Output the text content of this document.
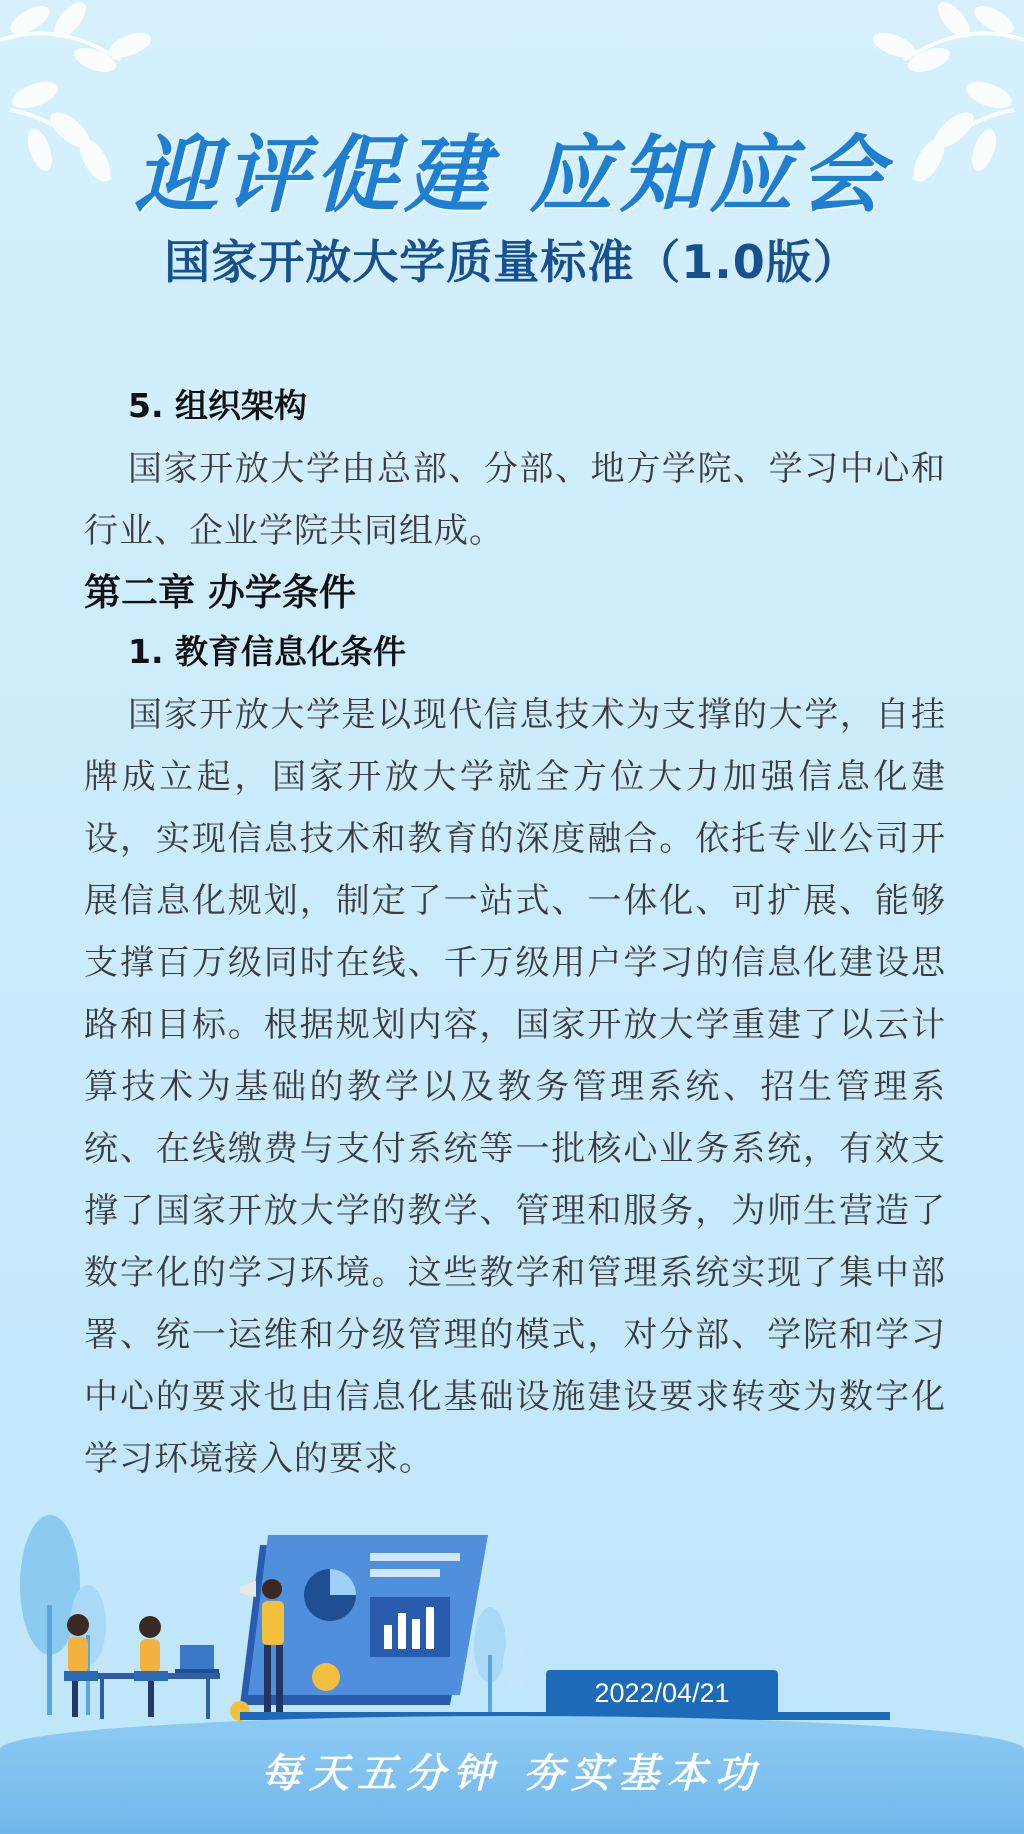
迎评促建 应知应会
国家开放大学质量标准（1.0版）
5. 组织架构

国家开放大学由总部、分部、地方学院、学习中心和行业、企业学院共同组成。

第二章 办学条件
1. 教育信息化条件

国家开放大学是以现代信息技术为支撑的大学，自挂牌成立起，国家开放大学就全方位大力加强信息化建设，实现信息技术和教育的深度融合。依托专业公司开展信息化规划，制定了一站式、一体化、可扩展、能够支撑百万级同时在线、千万级用户学习的信息化建设思路和目标。根据规划内容，国家开放大学重建了以云计算技术为基础的教学以及教务管理系统、招生管理系统、在线缴费与支付系统等一批核心业务系统，有效支撑了国家开放大学的教学、管理和服务，为师生营造了数字化的学习环境。这些教学和管理系统实现了集中部署、统一运维和分级管理的模式，对分部、学院和学习中心的要求也由信息化基础设施建设要求转变为数字化学习环境接入的要求。

2022/04/21
每天五分钟 夯实基本功
